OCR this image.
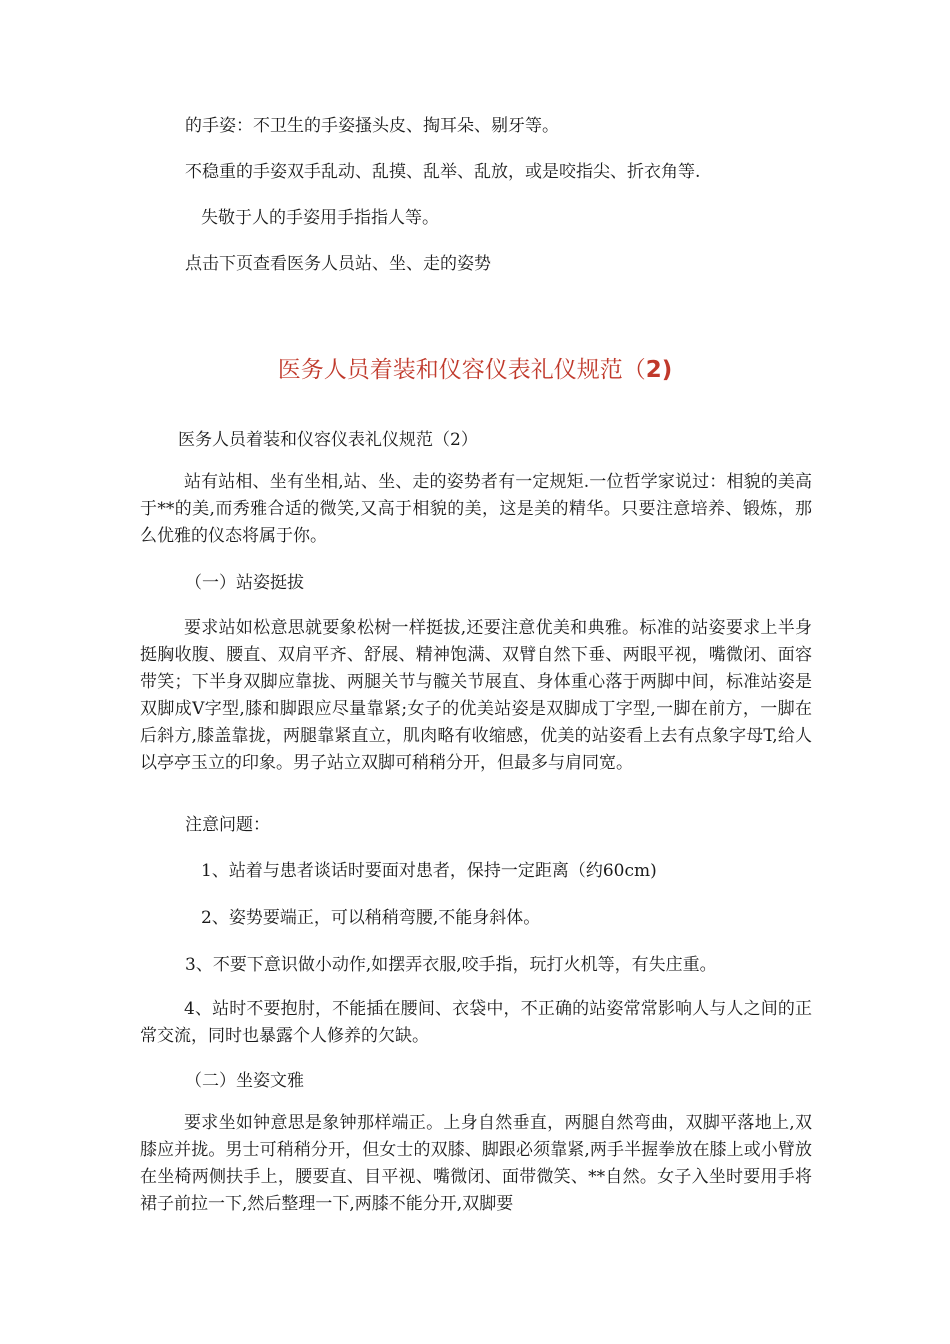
的手姿：不卫生的手姿搔头皮、掏耳朵、剔牙等。
不稳重的手姿双手乱动、乱摸、乱举、乱放，或是咬指尖、折衣角等.
失敬于人的手姿用手指指人等。
点击下页查看医务人员站、坐、走的姿势
医务人员着装和仪容仪表礼仪规范（2)
医务人员着装和仪容仪表礼仪规范（2）
站有站相、坐有坐相,站、坐、走的姿势者有一定规矩.一位哲学家说过：相貌的美高于**的美,而秀雅合适的微笑,又高于相貌的美，这是美的精华。只要注意培养、锻炼，那么优雅的仪态将属于你。
（一）站姿挺拔
要求站如松意思就要象松树一样挺拔,还要注意优美和典雅。标准的站姿要求上半身挺胸收腹、腰直、双肩平齐、舒展、精神饱满、双臂自然下垂、两眼平视，嘴微闭、面容带笑；下半身双脚应靠拢、两腿关节与髋关节展直、身体重心落于两脚中间，标准站姿是双脚成V字型,膝和脚跟应尽量靠紧;女子的优美站姿是双脚成丁字型,一脚在前方，一脚在后斜方,膝盖靠拢，两腿靠紧直立，肌肉略有收缩感，优美的站姿看上去有点象字母T,给人以亭亭玉立的印象。男子站立双脚可稍稍分开，但最多与肩同宽。
注意问题：
1、站着与患者谈话时要面对患者，保持一定距离（约60cm)
2、姿势要端正，可以稍稍弯腰,不能身斜体。
3、不要下意识做小动作,如摆弄衣服,咬手指，玩打火机等，有失庄重。
4、站时不要抱肘，不能插在腰间、衣袋中，不正确的站姿常常影响人与人之间的正常交流，同时也暴露个人修养的欠缺。
（二）坐姿文雅
要求坐如钟意思是象钟那样端正。上身自然垂直，两腿自然弯曲，双脚平落地上,双膝应并拢。男士可稍稍分开，但女士的双膝、脚跟必须靠紧,两手半握拳放在膝上或小臂放在坐椅两侧扶手上，腰要直、目平视、嘴微闭、面带微笑、**自然。女子入坐时要用手将裙子前拉一下,然后整理一下,两膝不能分开,双脚要
